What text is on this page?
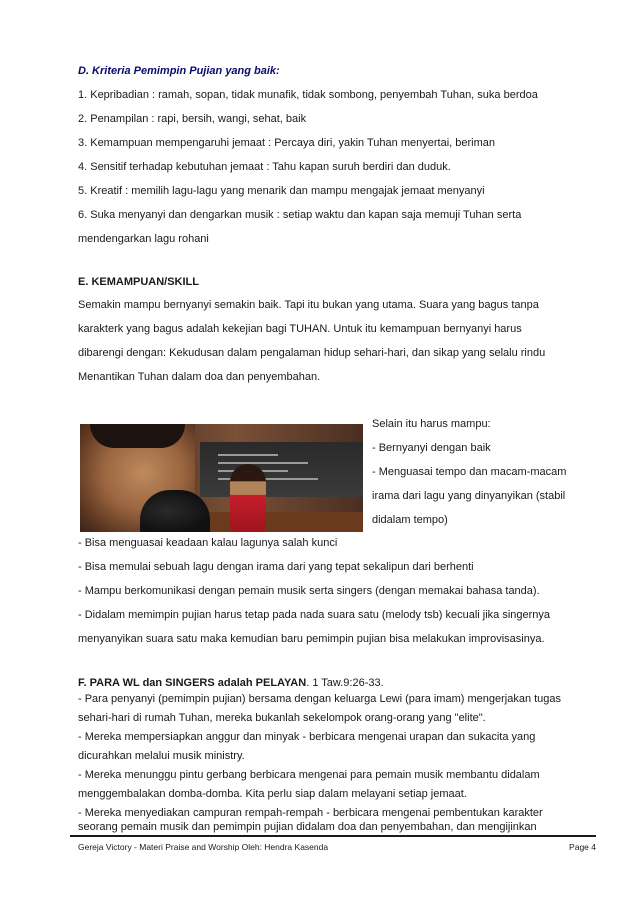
D. Kriteria Pemimpin Pujian yang baik:
1. Kepribadian : ramah, sopan, tidak munafik, tidak sombong, penyembah Tuhan, suka berdoa
2. Penampilan : rapi, bersih, wangi, sehat, baik
3. Kemampuan mempengaruhi jemaat : Percaya diri, yakin Tuhan menyertai, beriman
4. Sensitif terhadap kebutuhan jemaat : Tahu kapan suruh berdiri dan duduk.
5. Kreatif : memilih lagu-lagu yang menarik dan mampu mengajak jemaat menyanyi
6. Suka menyanyi dan dengarkan musik : setiap waktu dan kapan saja memuji Tuhan serta
mendengarkan lagu rohani
E. KEMAMPUAN/SKILL
Semakin mampu bernyanyi semakin baik. Tapi itu bukan yang utama. Suara yang bagus tanpa
karakterk yang bagus adalah kekejian bagi TUHAN. Untuk itu kemampuan bernyanyi harus
dibarengi dengan: Kekudusan dalam pengalaman hidup sehari-hari, dan sikap yang selalu rindu
Menantikan Tuhan dalam doa dan penyembahan.
Selain itu harus mampu:
- Bernyanyi dengan baik
- Menguasai tempo dan macam-macam
irama dari lagu yang dinyanyikan (stabil
didalam tempo)
- Bisa menguasai keadaan kalau lagunya salah kunci
- Bisa memulai sebuah lagu dengan irama dari yang tepat sekalipun dari berhenti
- Mampu berkomunikasi dengan pemain musik serta singers (dengan memakai bahasa tanda).
- Didalam memimpin pujian harus tetap pada nada suara satu (melody tsb) kecuali jika singernya
menyanyikan suara satu maka kemudian baru pemimpin pujian bisa melakukan improvisasinya.
F. PARA WL dan SINGERS adalah PELAYAN. 1 Taw.9:26-33.
- Para penyanyi (pemimpin pujian) bersama dengan keluarga Lewi (para imam) mengerjakan tugas
sehari-hari di rumah Tuhan, mereka bukanlah sekelompok orang-orang yang "elite".
- Mereka mempersiapkan anggur dan minyak - berbicara mengenai urapan dan sukacita yang
dicurahkan melalui musik ministry.
- Mereka menunggu pintu gerbang berbicara mengenai para pemain musik membantu didalam
menggembalakan domba-domba. Kita perlu siap dalam melayani setiap jemaat.
- Mereka menyediakan campuran rempah-rempah - berbicara mengenai pembentukan karakter
seorang pemain musik dan pemimpin pujian didalam doa dan penyembahan, dan mengijinkan
Gereja Victory - Materi Praise and Worship Oleh: Hendra Kasenda	Page 4
